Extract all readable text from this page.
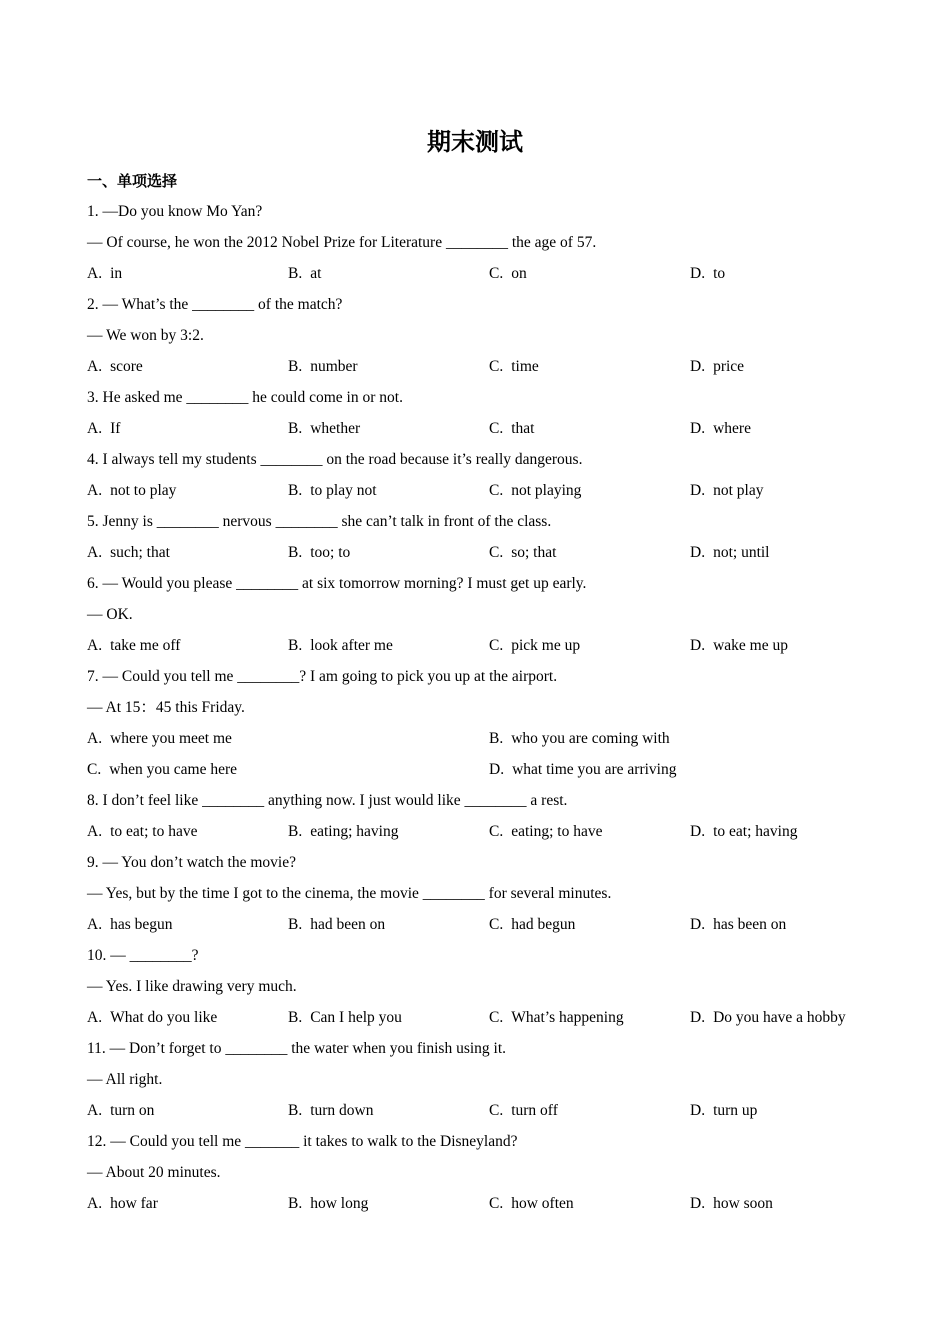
期末测试
一、单项选择
1. —Do you know Mo Yan?
— Of course, he won the 2012 Nobel Prize for Literature ________ the age of 57.
A. in	B. at	C. on	D. to
2. — What’s the ________ of the match?
— We won by 3:2.
A. score	B. number	C. time	D. price
3. He asked me ________ he could come in or not.
A. If	B. whether	C. that	D. where
4. I always tell my students ________ on the road because it’s really dangerous.
A. not to play	B. to play not	C. not playing	D. not play
5. Jenny is ________ nervous ________ she can’t talk in front of the class.
A. such; that	B. too; to	C. so; that	D. not; until
6. — Would you please ________ at six tomorrow morning? I must get up early.
— OK.
A. take me off	B. look after me	C. pick me up	D. wake me up
7. — Could you tell me ________? I am going to pick you up at the airport.
— At 15：45 this Friday.
A. where you meet me	B. who you are coming with
C. when you came here	D. what time you are arriving
8. I don’t feel like ________ anything now. I just would like ________ a rest.
A. to eat; to have	B. eating; having	C. eating; to have	D. to eat; having
9. — You don’t watch the movie?
— Yes, but by the time I got to the cinema, the movie ________ for several minutes.
A. has begun	B. had been on	C. had begun	D. has been on
10. — ________?
— Yes. I like drawing very much.
A. What do you like	B. Can I help you	C. What’s happening	D. Do you have a hobby
11. — Don’t forget to ________ the water when you finish using it.
— All right.
A. turn on	B. turn down	C. turn off	D. turn up
12. — Could you tell me _______ it takes to walk to the Disneyland?
— About 20 minutes.
A. how far	B. how long	C. how often	D. how soon
